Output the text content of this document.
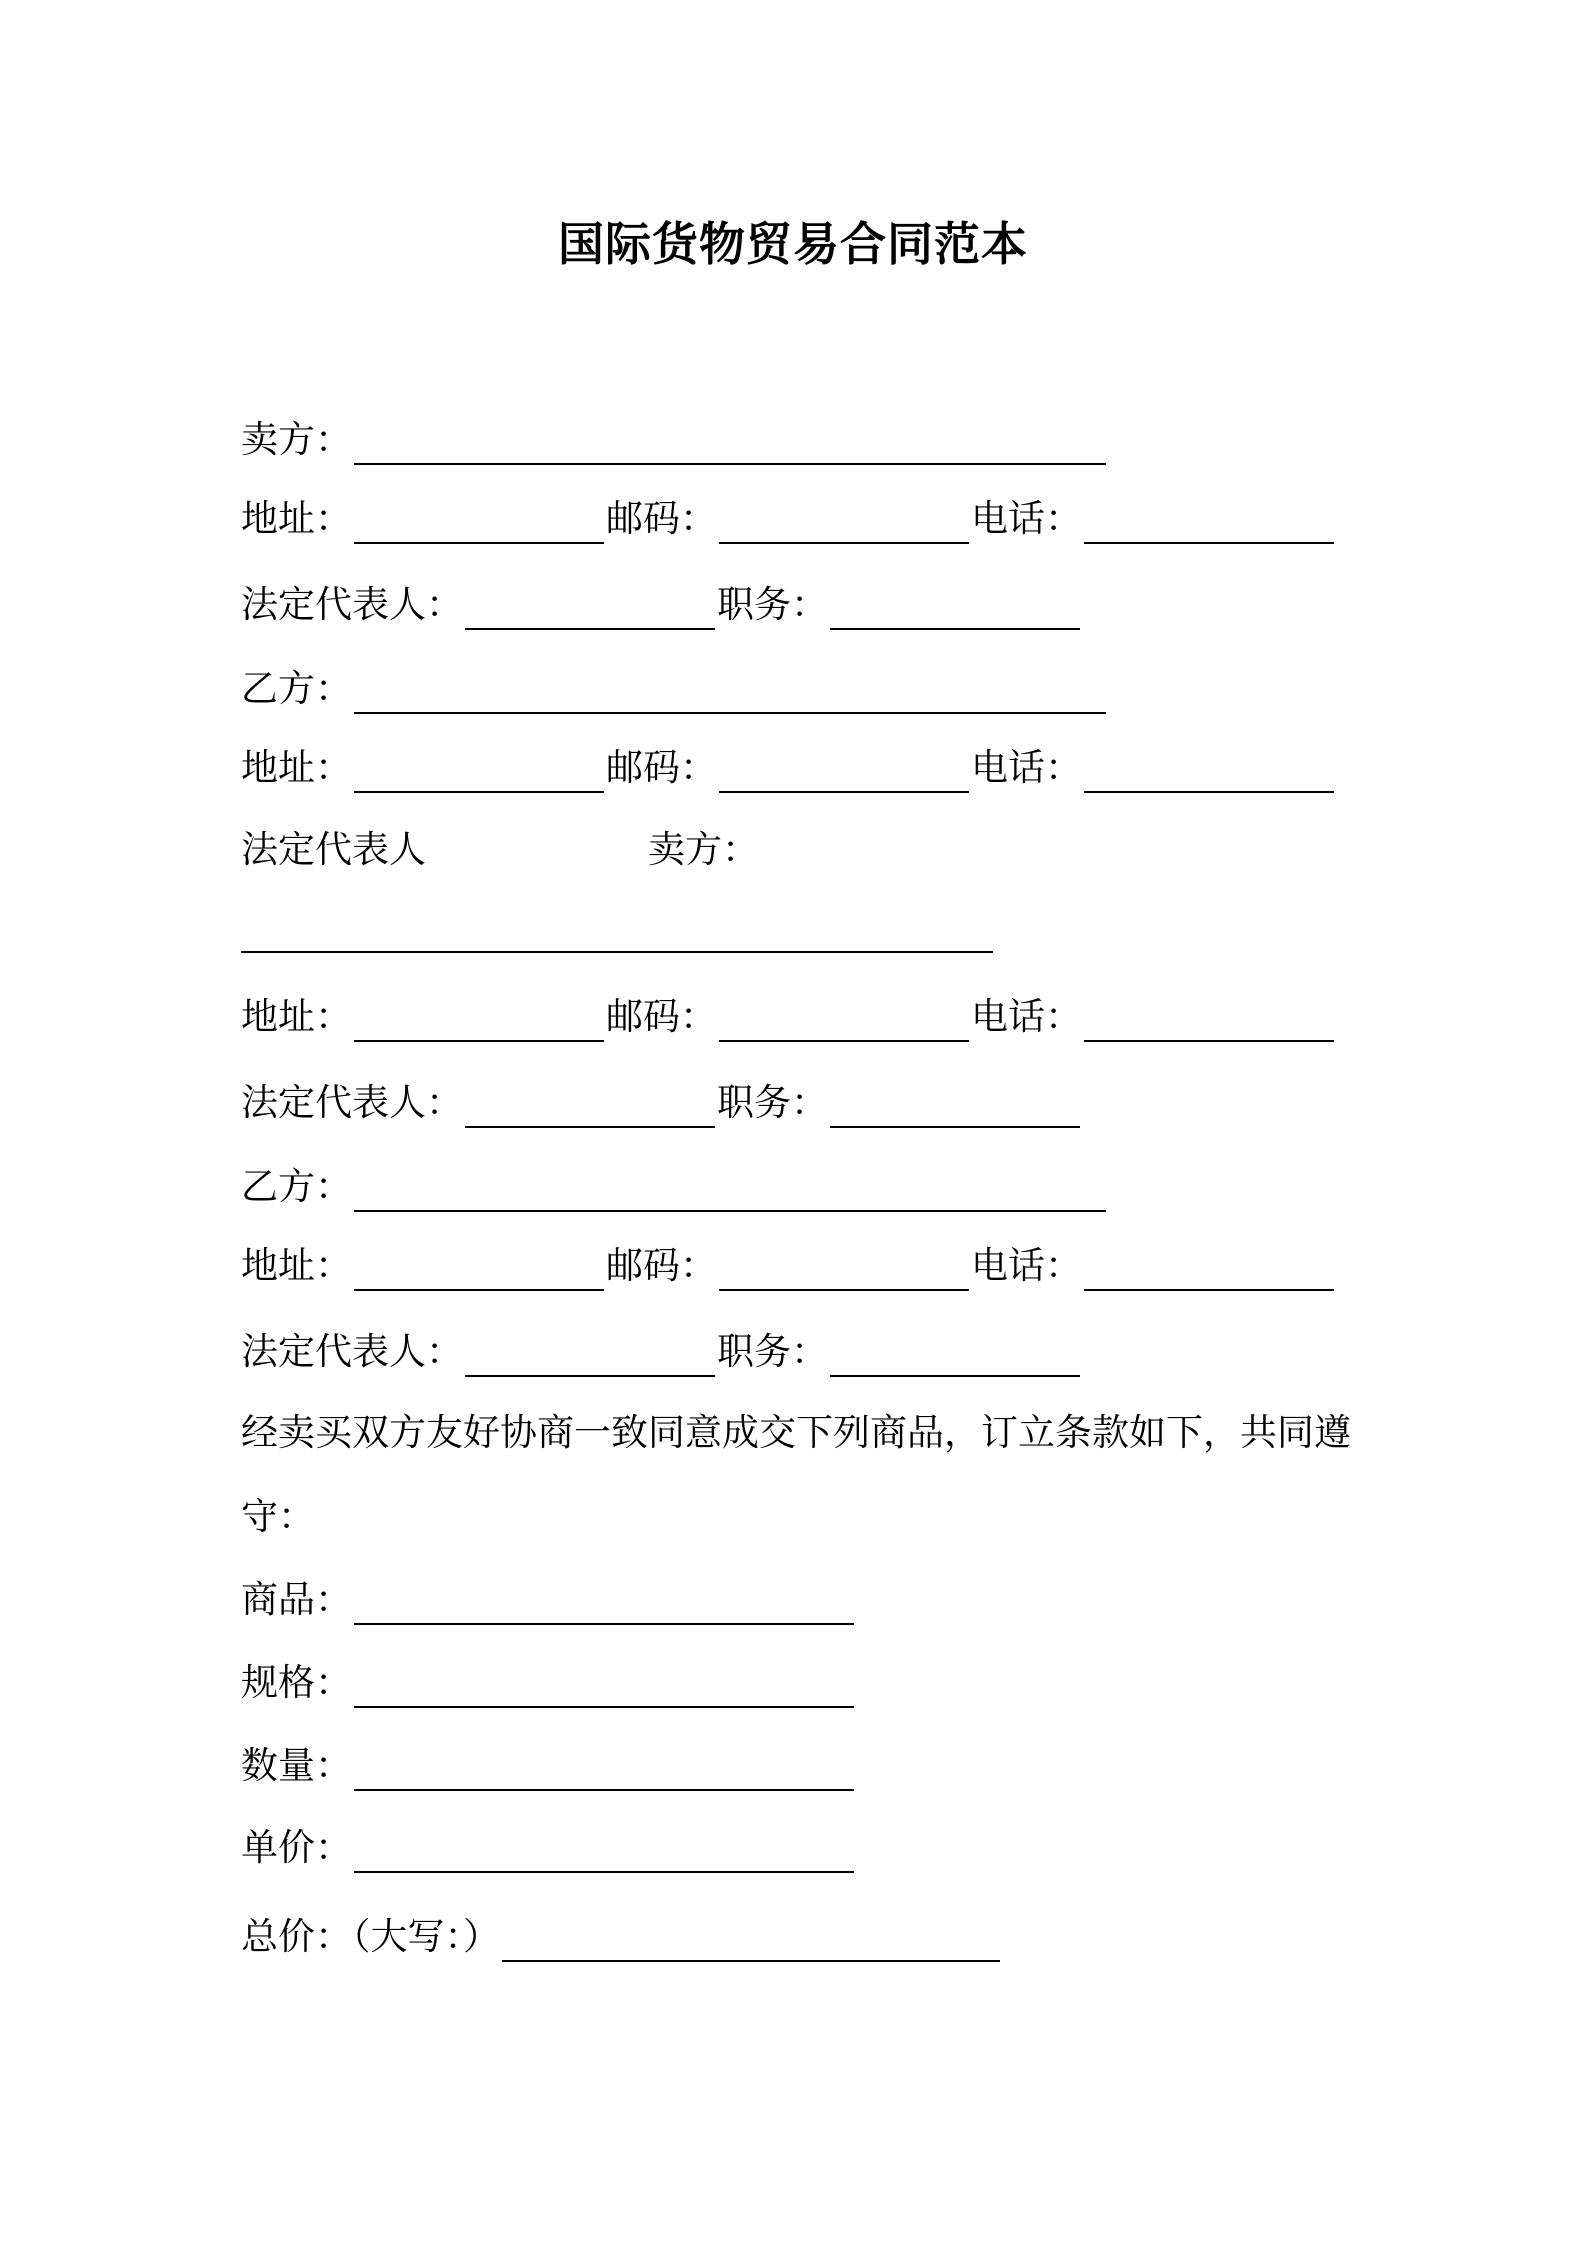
国际货物贸易合同范本
卖方：
地址：	邮码：	电话：
法定代表人：	职务：
乙方：
地址：	邮码：	电话：
法定代表人	卖方：
地址：	邮码：	电话：
法定代表人：	职务：
乙方：
地址：	邮码：	电话：
法定代表人：	职务：
经卖买双方友好协商一致同意成交下列商品，订立条款如下，共同遵
守：
商品：
规格：
数量：
单价：
总价：（大写：）
